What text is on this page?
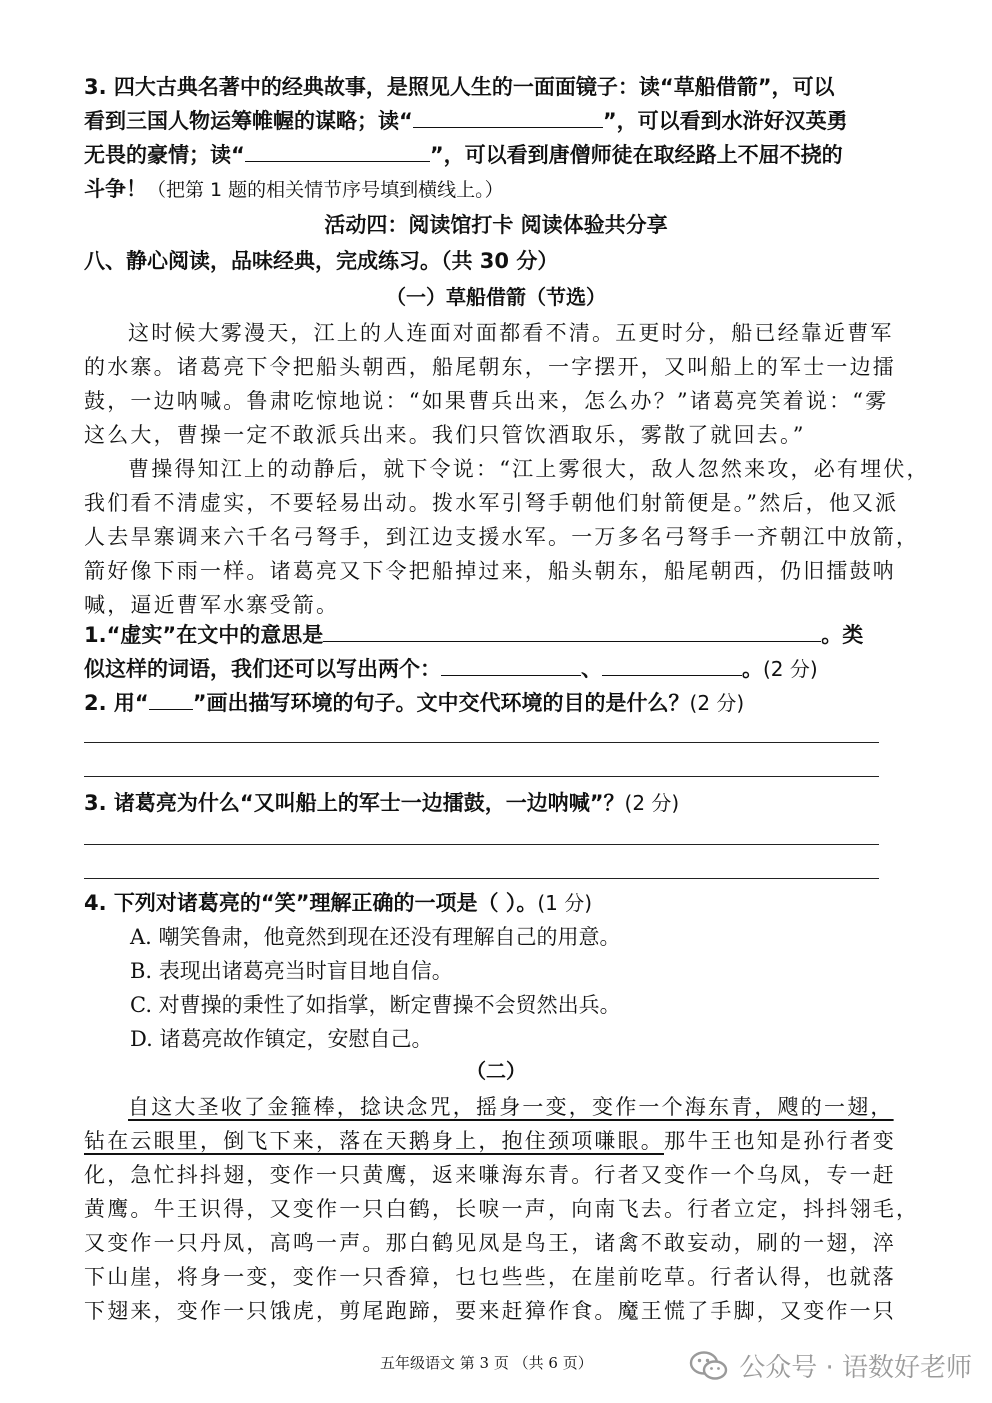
3. 四大古典名著中的经典故事，是照见人生的一面面镜子：读“草船借箭”，可以
看到三国人物运筹帷幄的谋略；读“	”，可以看到水浒好汉英勇
无畏的豪情；读“	”，可以看到唐僧师徒在取经路上不屈不挠的
斗争！（把第 1 题的相关情节序号填到横线上。）
活动四：阅读馆打卡 阅读体验共分享
八、静心阅读，品味经典，完成练习。（共 30 分）
（一）草船借箭（节选）
这时候大雾漫天，江上的人连面对面都看不清。五更时分，船已经靠近曹军
的水寨。诸葛亮下令把船头朝西，船尾朝东，一字摆开，又叫船上的军士一边擂
鼓，一边呐喊。鲁肃吃惊地说：“如果曹兵出来，怎么办？”诸葛亮笑着说：“雾
这么大，曹操一定不敢派兵出来。我们只管饮酒取乐，雾散了就回去。”
曹操得知江上的动静后，就下令说：“江上雾很大，敌人忽然来攻，必有埋伏，
我们看不清虚实，不要轻易出动。拨水军引弩手朝他们射箭便是。”然后，他又派
人去旱寨调来六千名弓弩手，到江边支援水军。一万多名弓弩手一齐朝江中放箭，
箭好像下雨一样。诸葛亮又下令把船掉过来，船头朝东，船尾朝西，仍旧擂鼓呐
喊，逼近曹军水寨受箭。
1.“虚实”在文中的意思是	。类
似这样的词语，我们还可以写出两个：	、	。(2 分)
2. 用“ ”画出描写环境的句子。文中交代环境的目的是什么？(2 分)
3. 诸葛亮为什么“又叫船上的军士一边擂鼓，一边呐喊”？(2 分)
4. 下列对诸葛亮的“笑”理解正确的一项是（ ）。(1 分)
A. 嘲笑鲁肃，他竟然到现在还没有理解自己的用意。
B. 表现出诸葛亮当时盲目地自信。
C. 对曹操的秉性了如指掌，断定曹操不会贸然出兵。
D. 诸葛亮故作镇定，安慰自己。
（二）
自这大圣收了金箍棒，捻诀念咒，摇身一变，变作一个海东青，飕的一翅，
钻在云眼里，倒飞下来，落在天鹅身上，抱住颈项嗛眼。那牛王也知是孙行者变
化，急忙抖抖翅，变作一只黄鹰，返来嗛海东青。行者又变作一个乌凤，专一赶
黄鹰。牛王识得，又变作一只白鹤，长唳一声，向南飞去。行者立定，抖抖翎毛，
又变作一只丹凤，高鸣一声。那白鹤见凤是鸟王，诸禽不敢妄动，刷的一翅，淬
下山崖，将身一变，变作一只香獐，乜乜些些，在崖前吃草。行者认得，也就落
下翅来，变作一只饿虎，剪尾跑蹄，要来赶獐作食。魔王慌了手脚，又变作一只
五年级语文 第 3 页 （共 6 页）	公众号 · 语数好老师
